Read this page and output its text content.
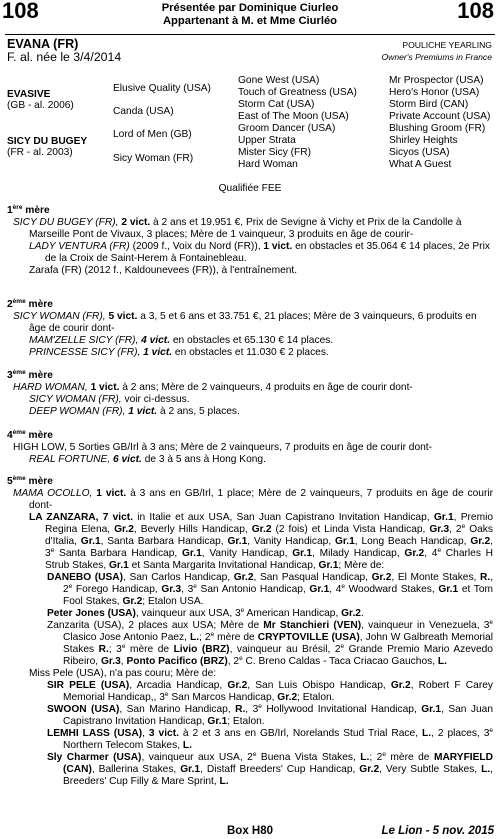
108	108
Présentée par Dominique Ciurleo
Appartenant à M. et Mme Ciurléo
EVANA (FR)
F. al. née le 3/4/2014
POULICHE YEARLING
Owner's Premiums in France
EVASIVE
(GB - al. 2006)
SICY DU BUGEY
(FR - al. 2003)
Elusive Quality (USA)
Canda (USA)
Lord of Men (GB)
Sicy Woman (FR)
Gone West (USA)
Touch of Greatness (USA)
Storm Cat (USA)
East of The Moon (USA)
Groom Dancer (USA)
Upper Strata
Mister Sicy (FR)
Hard Woman
Mr Prospector (USA)
Hero's Honor (USA)
Storm Bird (CAN)
Private Account (USA)
Blushing Groom (FR)
Shirley Heights
Sicyos (USA)
What A Guest
Qualifiée FEE

1ère mère

SICY DU BUGEY (FR), 2 vict. à 2 ans et 19.951 €, Prix de Sevigne à Vichy et Prix de la Candolle à Marseille Pont de Vivaux, 3 places; Mère de 1 vainqueur, 3 produits en âge de courir-

LADY VENTURA (FR) (2009 f., Voix du Nord (FR)), 1 vict. en obstacles et 35.064 € 14 places, 2e Prix de la Croix de Saint-Herem à Fontainebleau.

Zarafa (FR) (2012 f., Kaldounevees (FR)), à l'entraînement.

2ème mère

SICY WOMAN (FR), 5 vict. a 3, 5 et 6 ans et 33.751 €, 21 places; Mère de 3 vainqueurs, 6 produits en âge de courir dont-

MAM'ZELLE SICY (FR), 4 vict. en obstacles et 65.130 € 14 places.

PRINCESSE SICY (FR), 1 vict. en obstacles et 11.030 € 2 places.

3ème mère

HARD WOMAN, 1 vict. à 2 ans; Mère de 2 vainqueurs, 4 produits en âge de courir dont-

SICY WOMAN (FR), voir ci-dessus.

DEEP WOMAN (FR), 1 vict. à 2 ans, 5 places.

4ème mère

HIGH LOW, 5 Sorties GB/Irl à 3 ans; Mère de 2 vainqueurs, 7 produits en âge de courir dont-

REAL FORTUNE, 6 vict. de 3 à 5 ans à Hong Kong.

5ème mère

MAMA OCOLLO, 1 vict. à 3 ans en GB/Irl, 1 place; Mère de 2 vainqueurs, 7 produits en âge de courir dont-

LA ZANZARA, 7 vict. in Italie et aux USA, San Juan Capistrano Invitation Handicap, Gr.1, Premio Regina Elena, Gr.2, Beverly Hills Handicap, Gr.2 (2 fois) et Linda Vista Handicap, Gr.3, 2e Oaks d'Italia, Gr.1, Santa Barbara Handicap, Gr.1, Vanity Handicap, Gr.1, Long Beach Handicap, Gr.2, 3e Santa Barbara Handicap, Gr.1, Vanity Handicap, Gr.1, Milady Handicap, Gr.2, 4e Charles H Strub Stakes, Gr.1 et Santa Margarita Invitational Handicap, Gr.1; Mère de:

DANEBO (USA), San Carlos Handicap, Gr.2, San Pasqual Handicap, Gr.2, El Monte Stakes, R., 2e Forego Handicap, Gr.3, 3e San Antonio Handicap, Gr.1, 4e Woodward Stakes, Gr.1 et Tom Fool Stakes, Gr.2; Etalon USA.

Peter Jones (USA), vainqueur aux USA, 3e American Handicap, Gr.2.

Zanzarita (USA), 2 places aux USA; Mère de Mr Stanchieri (VEN), vainqueur in Venezuela, 3e Clasico Jose Antonio Paez, L.; 2e mère de CRYPTOVILLE (USA), John W Galbreath Memorial Stakes R.; 3e mère de Livio (BRZ), vainqueur au Brésil, 2e Grande Premio Mario Azevedo Ribeiro, Gr.3, Ponto Pacifico (BRZ), 2e C. Breno Caldas - Taca Criacao Gauchos, L.

Miss Pele (USA), n'a pas couru; Mère de:

SIR PELE (USA), Arcadia Handicap, Gr.2, San Luis Obispo Handicap, Gr.2, Robert F Carey Memorial Handicap,, 3e San Marcos Handicap, Gr.2; Etalon.

SWOON (USA), San Marino Handicap, R., 3e Hollywood Invitational Handicap, Gr.1, San Juan Capistrano Invitation Handicap, Gr.1; Etalon.

LEMHI LASS (USA), 3 vict. à 2 et 3 ans en GB/Irl, Norelands Stud Trial Race, L., 2 places, 3e Northern Telecom Stakes, L.

Sly Charmer (USA), vainqueur aux USA, 2e Buena Vista Stakes, L.; 2e mère de MARYFIELD (CAN), Ballerina Stakes, Gr.1, Distaff Breeders' Cup Handicap, Gr.2, Very Subtle Stakes, L., Breeders' Cup Filly & Mare Sprint, L.

Box H80	Le Lion - 5 nov. 2015
